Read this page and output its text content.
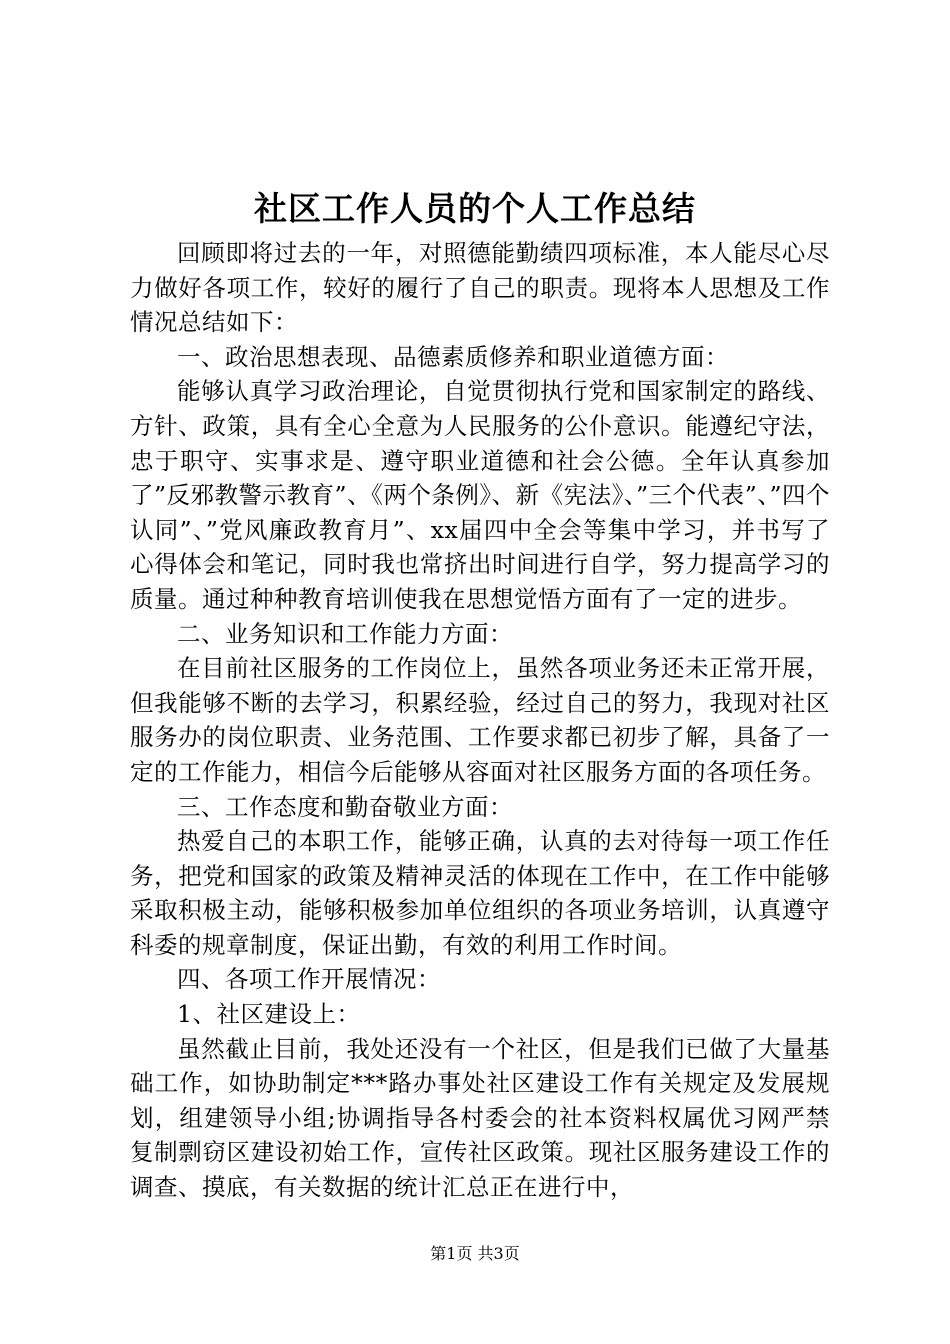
社区工作人员的个人工作总结

回顾即将过去的一年，对照德能勤绩四项标准，本人能尽心尽力做好各项工作，较好的履行了自己的职责。现将本人思想及工作情况总结如下：

一、政治思想表现、品德素质修养和职业道德方面：

能够认真学习政治理论，自觉贯彻执行党和国家制定的路线、方针、政策，具有全心全意为人民服务的公仆意识。能遵纪守法，忠于职守、实事求是、遵守职业道德和社会公德。全年认真参加了”反邪教警示教育”、《两个条例》、新《宪法》、”三个代表”、”四个认同”、”党风廉政教育月”、xx届四中全会等集中学习，并书写了心得体会和笔记，同时我也常挤出时间进行自学，努力提高学习的质量。通过种种教育培训使我在思想觉悟方面有了一定的进步。

二、业务知识和工作能力方面：

在目前社区服务的工作岗位上，虽然各项业务还未正常开展，但我能够不断的去学习，积累经验，经过自己的努力，我现对社区服务办的岗位职责、业务范围、工作要求都已初步了解，具备了一定的工作能力，相信今后能够从容面对社区服务方面的各项任务。

三、工作态度和勤奋敬业方面：

热爱自己的本职工作，能够正确，认真的去对待每一项工作任务，把党和国家的政策及精神灵活的体现在工作中，在工作中能够采取积极主动，能够积极参加单位组织的各项业务培训，认真遵守科委的规章制度，保证出勤，有效的利用工作时间。

四、各项工作开展情况：

1、社区建设上：

虽然截止目前，我处还没有一个社区，但是我们已做了大量基础工作，如协助制定***路办事处社区建设工作有关规定及发展规划，组建领导小组;协调指导各村委会的社本资料权属优习网严禁复制剽窃区建设初始工作，宣传社区政策。现社区服务建设工作的调查、摸底，有关数据的统计汇总正在进行中，

第1页 共3页
